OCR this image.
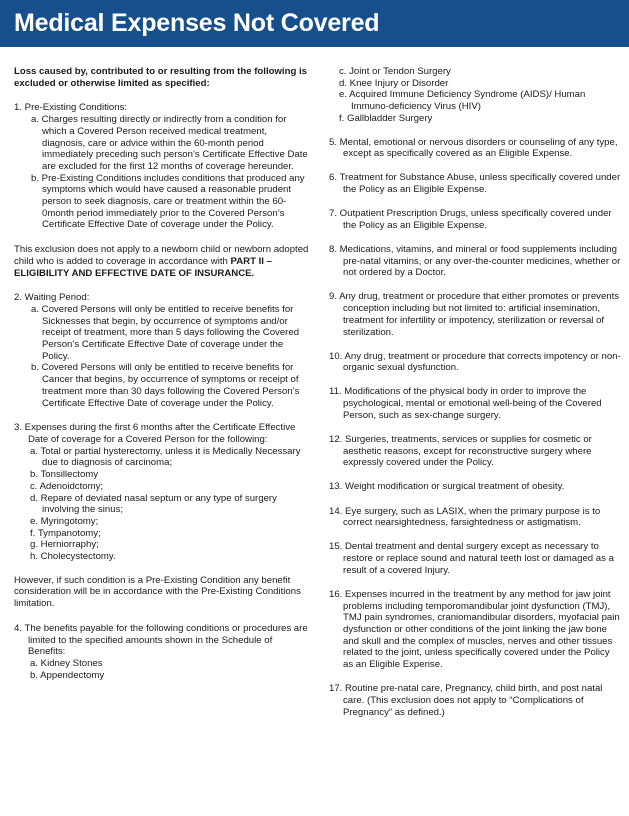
Medical Expenses Not Covered

Loss caused by, contributed to or resulting from the following is excluded or otherwise limited as specified:

1. Pre-Existing Conditions:

a. Charges resulting directly or indirectly from a condition for which a Covered Person received medical treatment, diagnosis, care or advice within the 60-month period immediately preceding such person’s Certificate Effective Date are excluded for the first 12 months of coverage hereunder.

b. Pre-Existing Conditions includes conditions that produced any symptoms which would have caused a reasonable prudent person to seek diagnosis, care or treatment within the 60-0month period immediately prior to the Covered Person’s Certificate Effective Date of coverage under the Policy.

This exclusion does not apply to a newborn child or newborn adopted child who is added to coverage in accordance with PART II – ELIGIBILITY AND EFFECTIVE DATE OF INSURANCE.

2. Waiting Period:

a. Covered Persons will only be entitled to receive benefits for Sicknesses that begin, by occurrence of symptoms and/or receipt of treatment, more than 5 days following the Covered Person’s Certificate Effective Date of coverage under the Policy.

b. Covered Persons will only be entitled to receive benefits for Cancer that begins, by occurrence of symptoms or receipt of treatment more than 30 days following the Covered Person’s Certificate Effective Date of coverage under the Policy.

3. Expenses during the first 6 months after the Certificate Effective Date of coverage for a Covered Person for the following:

a. Total or partial hysterectomy, unless it is Medically Necessary due to diagnosis of carcinoma;

b. Tonsillectomy

c. Adenoidctomy;

d. Repare of deviated nasal septum or any type of surgery involving the sinus;

e. Myringotomy;

f. Tympanotomy;

g. Herniorraphy;

h. Cholecystectomy.

However, if such condition is a Pre-Existing Condition any benefit consideration will be in accordance with the Pre-Existing Conditions limitation.

4. The benefits payable for the following conditions or procedures are limited to the specified amounts shown in the Schedule of Benefits:

a. Kidney Stones

b. Appendectomy

c. Joint or Tendon Surgery

d. Knee Injury or Disorder

e. Acquired Immune Deficiency Syndrome (AIDS)/ Human Immuno-deficiency Virus (HIV)

f. Gallbladder Surgery

5. Mental, emotional or nervous disorders or counseling of any type, except as specifically covered as an Eligible Expense.
6. Treatment for Substance Abuse, unless specifically covered under the Policy as an Eligible Expense.
7. Outpatient Prescription Drugs, unless specifically covered under the Policy as an Eligible Expense.
8. Medications, vitamins, and mineral or food supplements including pre-natal vitamins, or any over-the-counter medicines, whether or not ordered by a Doctor.
9. Any drug, treatment or procedure that either promotes or prevents conception including but not limited to: artificial insemination, treatment for infertility or impotency, sterilization or reversal of sterilization.
10. Any drug, treatment or procedure that corrects impotency or non-organic sexual dysfunction.
11. Modifications of the physical body in order to improve the psychological, mental or emotional well-being of the Covered Person, such as sex-change surgery.
12. Surgeries, treatments, services or supplies for cosmetic or aesthetic reasons, except for reconstructive surgery where expressly covered under the Policy.
13. Weight modification or surgical treatment of obesity.
14. Eye surgery, such as LASIX, when the primary purpose is to correct nearsightedness, farsightedness or astigmatism.
15. Dental treatment and dental surgery except as necessary to restore or replace sound and natural teeth lost or damaged as a result of a covered Injury.
16. Expenses incurred in the treatment by any method for jaw joint problems including temporomandibular joint dysfunction (TMJ), TMJ pain syndromes, craniomandibular disorders, myofacial pain dysfunction or other conditions of the joint linking the jaw bone and skull and the complex of muscles, nerves and other tissues related to the joint, unless specifically covered under the Policy as an Eligible Expense.
17. Routine pre-natal care, Pregnancy, child birth, and post natal care. (This exclusion does not apply to “Complications of Pregnancy” as defined.)
